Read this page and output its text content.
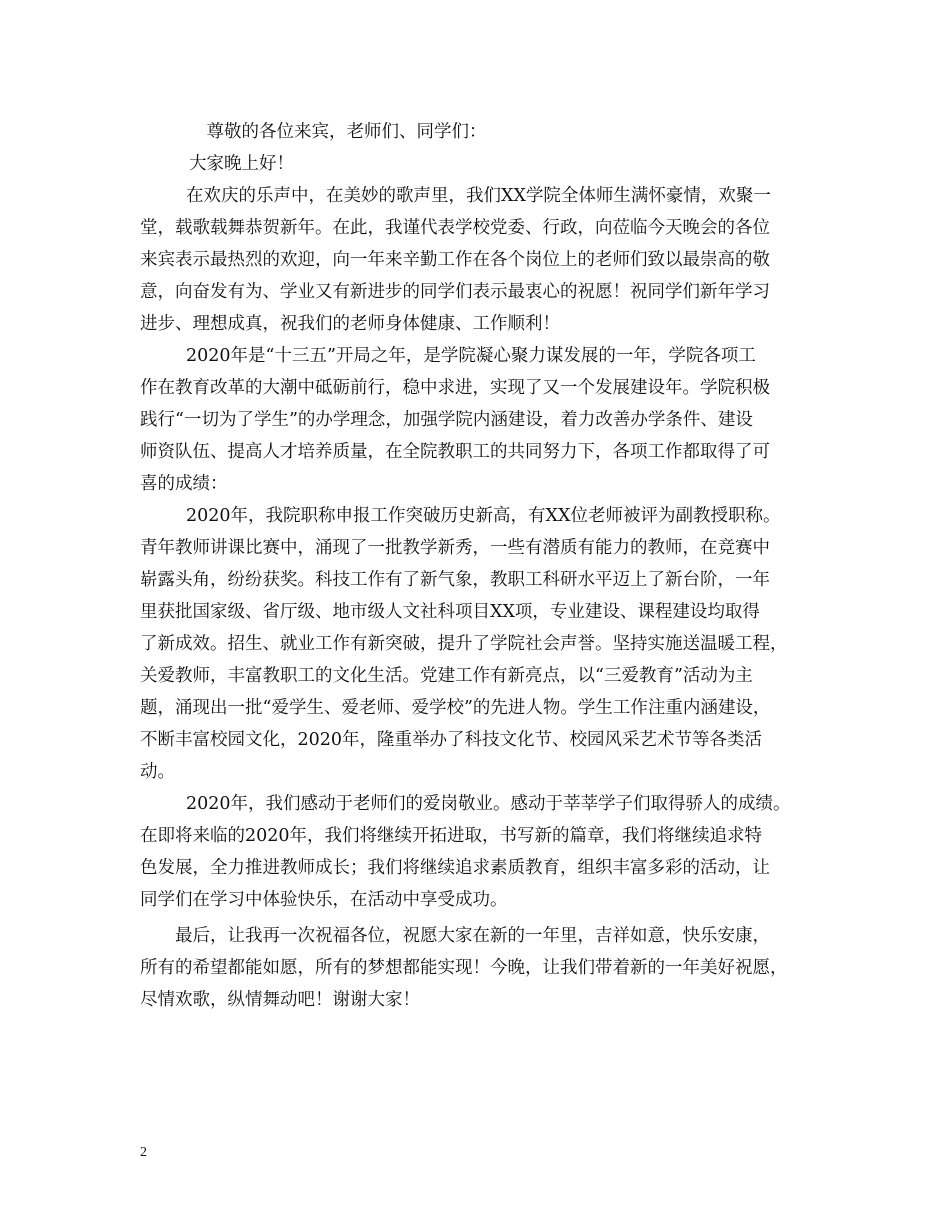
　尊敬的各位来宾，老师们、同学们：

大家晚上好！

在欢庆的乐声中，在美妙的歌声里，我们XX学院全体师生满怀豪情，欢聚一

堂，载歌载舞恭贺新年。在此，我谨代表学校党委、行政，向莅临今天晚会的各位

来宾表示最热烈的欢迎，向一年来辛勤工作在各个岗位上的老师们致以最崇高的敬

意，向奋发有为、学业又有新进步的同学们表示最衷心的祝愿！祝同学们新年学习

进步、理想成真，祝我们的老师身体健康、工作顺利！

2020年是“十三五”开局之年，是学院凝心聚力谋发展的一年，学院各项工

作在教育改革的大潮中砥砺前行，稳中求进，实现了又一个发展建设年。学院积极

践行“一切为了学生”的办学理念，加强学院内涵建设，着力改善办学条件、建设

师资队伍、提高人才培养质量，在全院教职工的共同努力下，各项工作都取得了可

喜的成绩：

2020年，我院职称申报工作突破历史新高，有XX位老师被评为副教授职称。

青年教师讲课比赛中，涌现了一批教学新秀，一些有潜质有能力的教师，在竞赛中

崭露头角，纷纷获奖。科技工作有了新气象，教职工科研水平迈上了新台阶，一年

里获批国家级、省厅级、地市级人文社科项目XX项，专业建设、课程建设均取得

了新成效。招生、就业工作有新突破，提升了学院社会声誉。坚持实施送温暖工程，

关爱教师，丰富教职工的文化生活。党建工作有新亮点，以“三爱教育”活动为主

题，涌现出一批“爱学生、爱老师、爱学校”的先进人物。学生工作注重内涵建设，

不断丰富校园文化，2020年，隆重举办了科技文化节、校园风采艺术节等各类活

动。

2020年，我们感动于老师们的爱岗敬业。感动于莘莘学子们取得骄人的成绩。

在即将来临的2020年，我们将继续开拓进取，书写新的篇章，我们将继续追求特

色发展，全力推进教师成长；我们将继续追求素质教育，组织丰富多彩的活动，让

同学们在学习中体验快乐，在活动中享受成功。

最后，让我再一次祝福各位，祝愿大家在新的一年里，吉祥如意，快乐安康，

所有的希望都能如愿，所有的梦想都能实现！今晚，让我们带着新的一年美好祝愿，

尽情欢歌，纵情舞动吧！谢谢大家！

2
